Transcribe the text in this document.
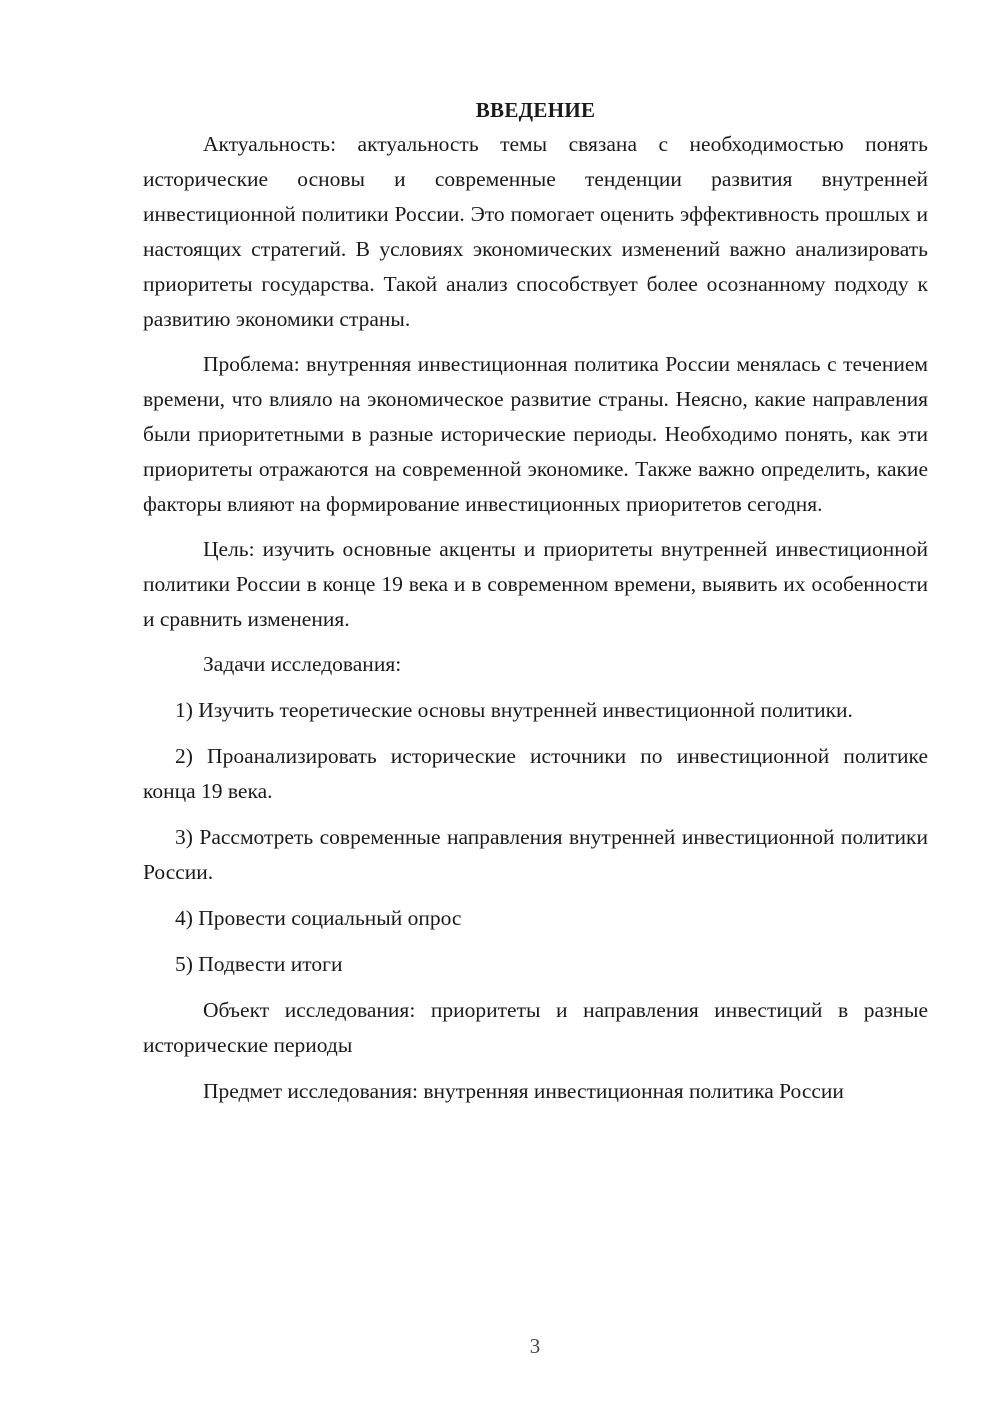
ВВЕДЕНИЕ

Актуальность: актуальность темы связана с необходимостью понять исторические основы и современные тенденции развития внутренней инвестиционной политики России. Это помогает оценить эффективность прошлых и настоящих стратегий. В условиях экономических изменений важно анализировать приоритеты государства. Такой анализ способствует более осознанному подходу к развитию экономики страны.

Проблема: внутренняя инвестиционная политика России менялась с течением времени, что влияло на экономическое развитие страны. Неясно, какие направления были приоритетными в разные исторические периоды. Необходимо понять, как эти приоритеты отражаются на современной экономике. Также важно определить, какие факторы влияют на формирование инвестиционных приоритетов сегодня.

Цель: изучить основные акценты и приоритеты внутренней инвестиционной политики России в конце 19 века и в современном времени, выявить их особенности и сравнить изменения.

Задачи исследования:

1) Изучить теоретические основы внутренней инвестиционной политики.

2) Проанализировать исторические источники по инвестиционной политике конца 19 века.

3) Рассмотреть современные направления внутренней инвестиционной политики России.

4) Провести социальный опрос

5) Подвести итоги

Объект исследования: приоритеты и направления инвестиций в разные исторические периоды

Предмет исследования: внутренняя инвестиционная политика России

3
